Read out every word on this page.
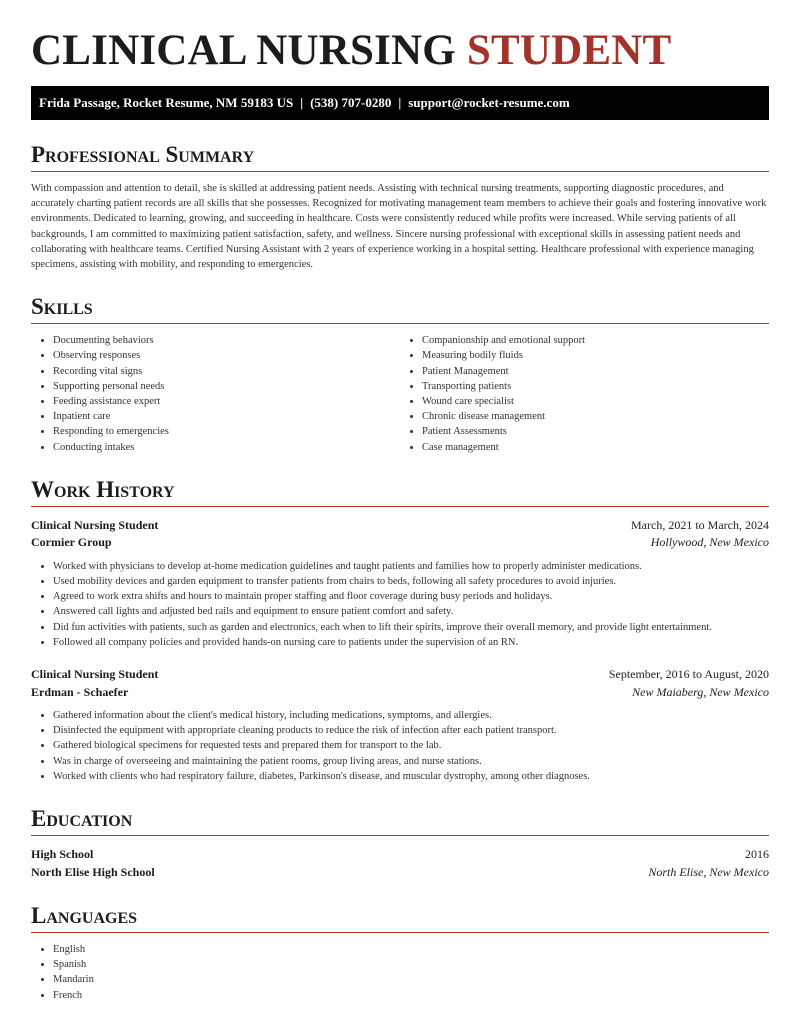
CLINICAL NURSING STUDENT
Frida Passage, Rocket Resume, NM 59183 US | (538) 707-0280 | support@rocket-resume.com
Professional Summary
With compassion and attention to detail, she is skilled at addressing patient needs. Assisting with technical nursing treatments, supporting diagnostic procedures, and accurately charting patient records are all skills that she possesses. Recognized for motivating management team members to achieve their goals and fostering innovative work environments. Dedicated to learning, growing, and succeeding in healthcare. Costs were consistently reduced while profits were increased. While serving patients of all backgrounds, I am committed to maximizing patient satisfaction, safety, and wellness. Sincere nursing professional with exceptional skills in assessing patient needs and collaborating with healthcare teams. Certified Nursing Assistant with 2 years of experience working in a hospital setting. Healthcare professional with experience managing specimens, assisting with mobility, and responding to emergencies.
Skills
• Documenting behaviors
• Observing responses
• Recording vital signs
• Supporting personal needs
• Feeding assistance expert
• Inpatient care
• Responding to emergencies
• Conducting intakes
• Companionship and emotional support
• Measuring bodily fluids
• Patient Management
• Transporting patients
• Wound care specialist
• Chronic disease management
• Patient Assessments
• Case management
Work History
Clinical Nursing Student	March, 2021 to March, 2024
Cormier Group	Hollywood, New Mexico
• Worked with physicians to develop at-home medication guidelines and taught patients and families how to properly administer medications.
• Used mobility devices and garden equipment to transfer patients from chairs to beds, following all safety procedures to avoid injuries.
• Agreed to work extra shifts and hours to maintain proper staffing and floor coverage during busy periods and holidays.
• Answered call lights and adjusted bed rails and equipment to ensure patient comfort and safety.
• Did fun activities with patients, such as garden and electronics, each when to lift their spirits, improve their overall memory, and provide light entertainment.
• Followed all company policies and provided hands-on nursing care to patients under the supervision of an RN.
Clinical Nursing Student	September, 2016 to August, 2020
Erdman - Schaefer	New Maiaberg, New Mexico
• Gathered information about the client's medical history, including medications, symptoms, and allergies.
• Disinfected the equipment with appropriate cleaning products to reduce the risk of infection after each patient transport.
• Gathered biological specimens for requested tests and prepared them for transport to the lab.
• Was in charge of overseeing and maintaining the patient rooms, group living areas, and nurse stations.
• Worked with clients who had respiratory failure, diabetes, Parkinson's disease, and muscular dystrophy, among other diagnoses.
Education
High School	2016
North Elise High School	North Elise, New Mexico
Languages
• English
• Spanish
• Mandarin
• French
